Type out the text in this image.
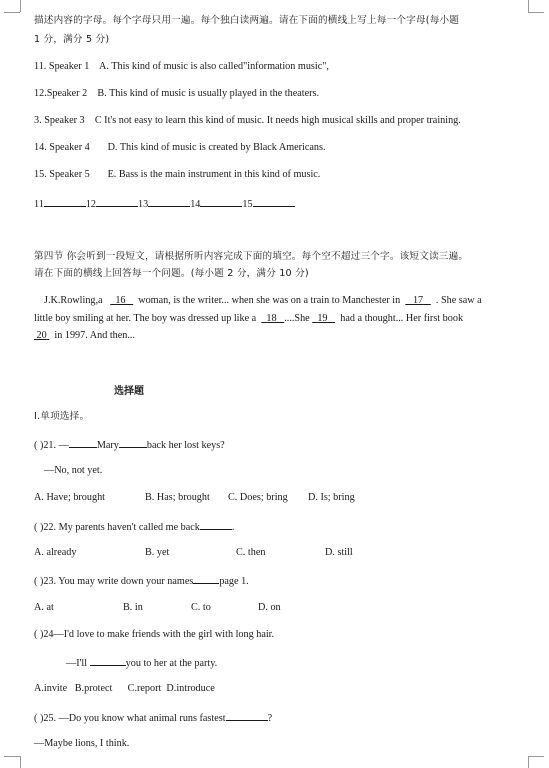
描述内容的字母。每个字母只用一遍。每个独白读两遍。请在下面的横线上写上每一个字母(每小题
1 分，满分 5 分)
11. Speaker 1 A. This kind of music is also called"information music",
12.Speaker 2 B. This kind of music is usually played in the theaters.
3. Speaker 3 C It's not easy to learn this kind of music. It needs high musical skills and proper training.
14. Speaker 4 D. This kind of music is created by Black Americans.
15. Speaker 5 E. Bass is the main instrument in this kind of music.
11	12	13	14	15
第四节 你会听到一段短文，请根据所听内容完成下面的填空。每个空不超过三个字。该短文读三遍。
请在下面的横线上回答每一个问题。(每小题 2 分，满分 10 分)
J.K.Rowling,a 16 woman, is the writer... when she was on a train to Manchester in 17 . She saw a
little boy smiling at her. The boy was dressed up like a 18 ....She 19 had a thought... Her first book
20 in 1997. And then...
选择题
Ⅰ.单项选择。
( )21. —	Mary	back her lost keys?
—No, not yet.
A. Have; brought	B. Has; brought C. Does; bring D. Is; bring
( )22. My parents haven't called me back	.
A. already	B. yet	C. then	D. still
( )23. You may write down your names	page 1.
A. at	B. in	C. to	D. on
( )24—I'd love to make friends with the girl with long hair.
—I'll	you to her at the party.
A.invite   B.protect      C.report  D.introduce
( )25. —Do you know what animal runs fastest	?
—Maybe lions, I think.
